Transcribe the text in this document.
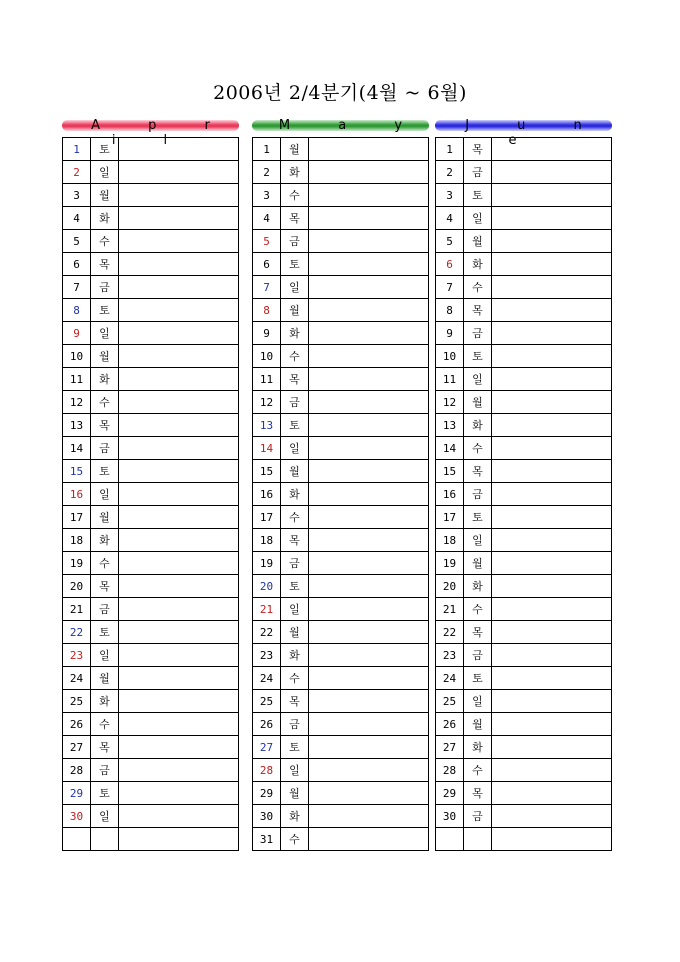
2006년 2/4분기(4월 ~ 6월)
A p r i l
1	토	
2	일	
3	월	
4	화	
5	수	
6	목	
7	금	
8	토	
9	일	
10	월	
11	화	
12	수	
13	목	
14	금	
15	토	
16	일	
17	월	
18	화	
19	수	
20	목	
21	금	
22	토	
23	일	
24	월	
25	화	
26	수	
27	목	
28	금	
29	토	
30	일	

M a y
1	월	
2	화	
3	수	
4	목	
5	금	
6	토	
7	일	
8	월	
9	화	
10	수	
11	목	
12	금	
13	토	
14	일	
15	월	
16	화	
17	수	
18	목	
19	금	
20	토	
21	일	
22	월	
23	화	
24	수	
25	목	
26	금	
27	토	
28	일	
29	월	
30	화	
31	수	
J u n e
1	목	
2	금	
3	토	
4	일	
5	월	
6	화	
7	수	
8	목	
9	금	
10	토	
11	일	
12	월	
13	화	
14	수	
15	목	
16	금	
17	토	
18	일	
19	월	
20	화	
21	수	
22	목	
23	금	
24	토	
25	일	
26	월	
27	화	
28	수	
29	목	
30	금	
